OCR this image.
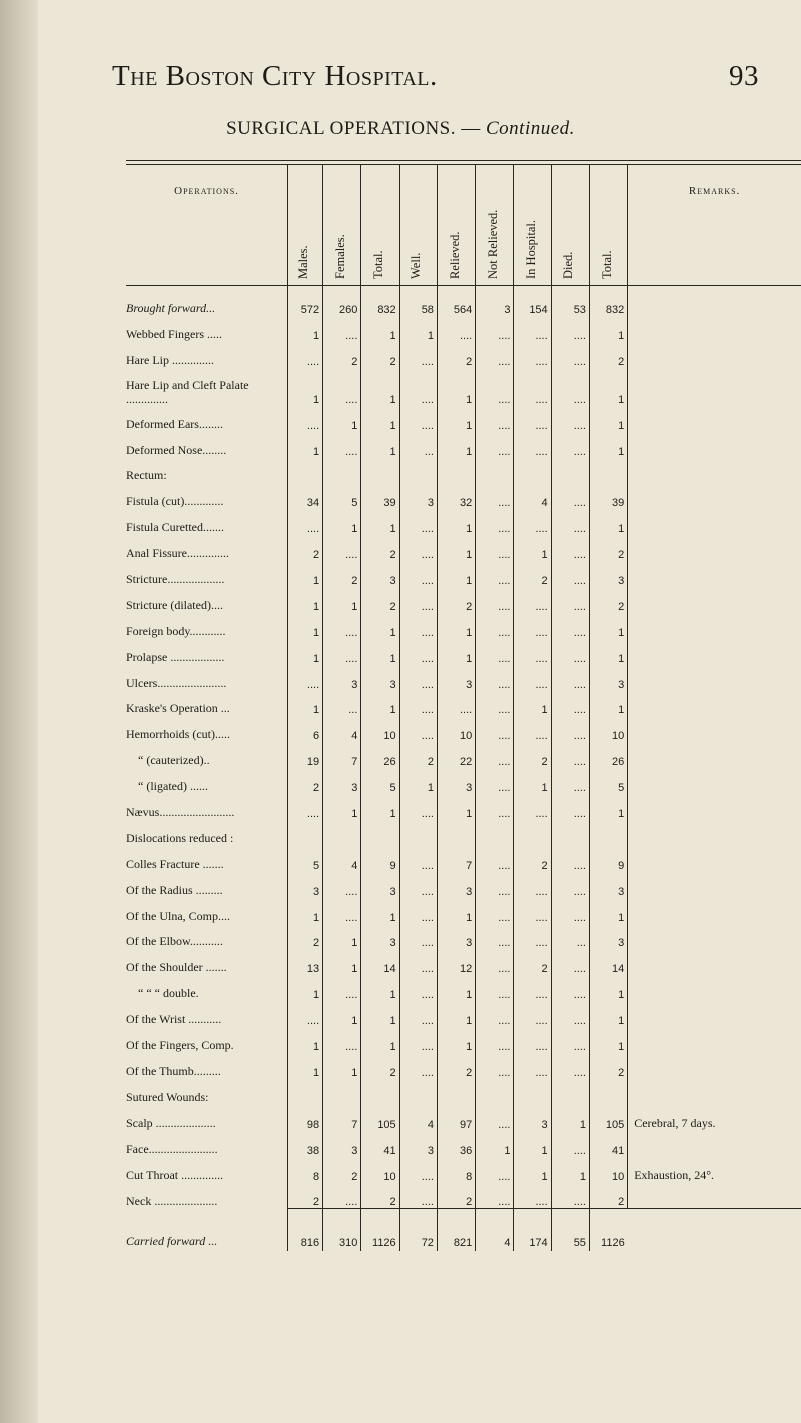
The Boston City Hospital.	93
SURGICAL OPERATIONS. — Continued.
Operations.	Males.	Females.	Total.	Well.	Relieved.	Not Relieved.	In Hospital.	Died.	Total.	Remarks.
Brought forward...	572	260	832	58	564	3	154	53	832	
Webbed Fingers .....	1	....	1	1	....	....	....	....	1	
Hare Lip ..............	....	2	2	....	2	....	....	....	2	
Hare Lip and Cleft Palate ..............	1	....	1	....	1	....	....	....	1	
Deformed Ears........	....	1	1	....	1	....	....	....	1	
Deformed Nose........	1	....	1	...	1	....	....	....	1	
Rectum:										
Fistula (cut).............	34	5	39	3	32	....	4	....	39	
Fistula Curetted.......	....	1	1	....	1	....	....	....	1	
Anal Fissure..............	2	....	2	....	1	....	1	....	2	
Stricture...................	1	2	3	....	1	....	2	....	3	
Stricture (dilated)....	1	1	2	....	2	....	....	....	2	
Foreign body............	1	....	1	....	1	....	....	....	1	
Prolapse ..................	1	....	1	....	1	....	....	....	1	
Ulcers.......................	....	3	3	....	3	....	....	....	3	
Kraske's Operation ...	1	...	1	....	....	....	1	....	1	
Hemorrhoids (cut).....	6	4	10	....	10	....	....	....	10	
“ (cauterized)..	19	7	26	2	22	....	2	....	26	
“ (ligated) ......	2	3	5	1	3	....	1	....	5	
Nævus.........................	....	1	1	....	1	....	....	....	1	
Dislocations reduced :										
Colles Fracture .......	5	4	9	....	7	....	2	....	9	
Of the Radius .........	3	....	3	....	3	....	....	....	3	
Of the Ulna, Comp....	1	....	1	....	1	....	....	....	1	
Of the Elbow...........	2	1	3	....	3	....	....	...	3	
Of the Shoulder .......	13	1	14	....	12	....	2	....	14	
“ “ “ double.	1	....	1	....	1	....	....	....	1	
Of the Wrist ...........	....	1	1	....	1	....	....	....	1	
Of the Fingers, Comp.	1	....	1	....	1	....	....	....	1	
Of the Thumb.........	1	1	2	....	2	....	....	....	2	
Sutured Wounds:										
Scalp ....................	98	7	105	4	97	....	3	1	105	Cerebral, 7 days.
Face.......................	38	3	41	3	36	1	1	....	41	
Cut Throat ..............	8	2	10	....	8	....	1	1	10	Exhaustion, 24°.
Neck .....................	2	....	2	....	2	....	....	....	2	
Carried forward ...	816	310	1126	72	821	4	174	55	1126	
